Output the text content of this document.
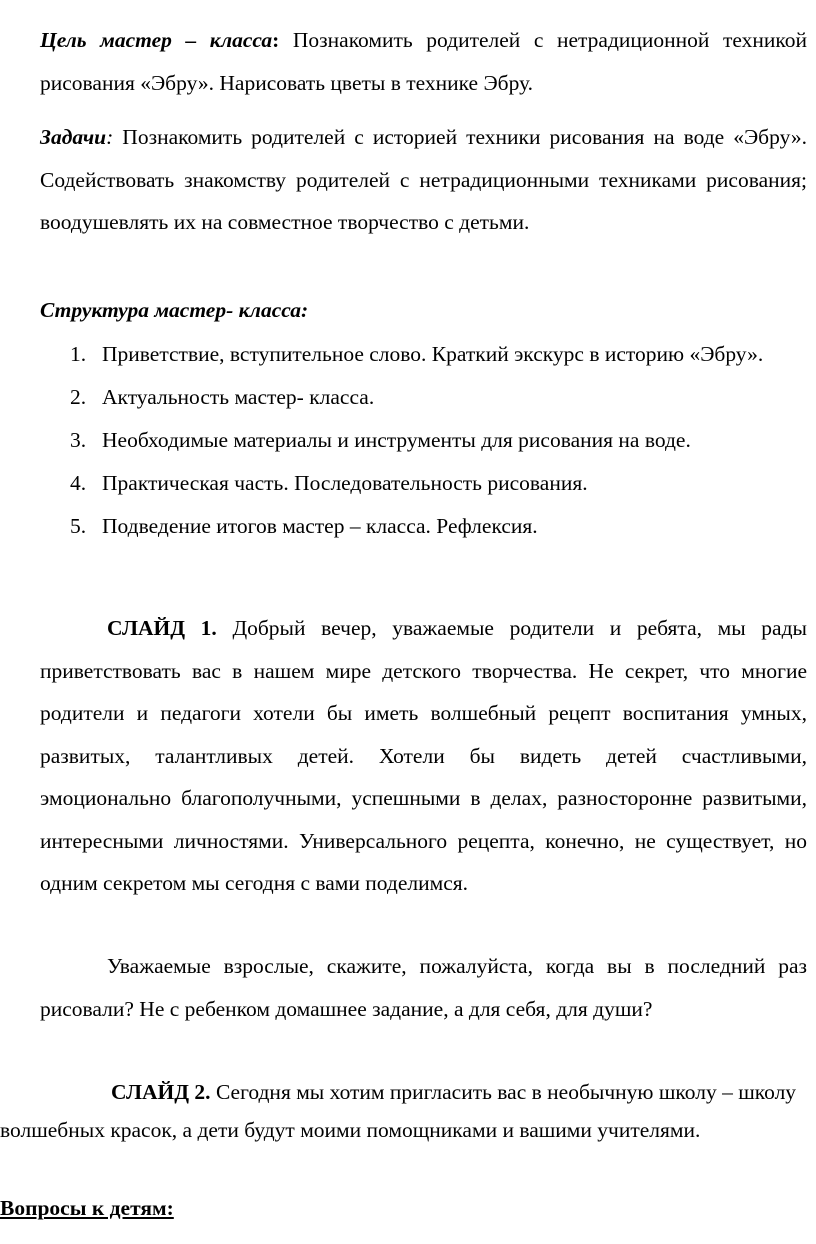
Цель мастер – класса: Познакомить родителей с нетрадиционной техникой рисования «Эбру». Нарисовать цветы в технике Эбру.

Задачи: Познакомить родителей с историей техники рисования на воде «Эбру». Содействовать знакомству родителей с нетрадиционными техниками рисования; воодушевлять их на совместное творчество с детьми.

Структура мастер- класса:

1. Приветствие, вступительное слово. Краткий экскурс в историю «Эбру».
2. Актуальность мастер- класса.
3. Необходимые материалы и инструменты для рисования на воде.
4. Практическая часть. Последовательность рисования.
5. Подведение итогов мастер – класса. Рефлексия.

СЛАЙД 1. Добрый вечер, уважаемые родители и ребята, мы рады приветствовать вас в нашем мире детского творчества. Не секрет, что многие родители и педагоги хотели бы иметь волшебный рецепт воспитания умных, развитых, талантливых детей. Хотели бы видеть детей счастливыми, эмоционально благополучными, успешными в делах, разносторонне развитыми, интересными личностями. Универсального рецепта, конечно, не существует, но одним секретом мы сегодня с вами поделимся.

Уважаемые взрослые, скажите, пожалуйста, когда вы в последний раз рисовали? Не с ребенком домашнее задание, а для себя, для души?

СЛАЙД 2. Сегодня мы хотим пригласить вас в необычную школу – школу волшебных красок, а дети будут моими помощниками и вашими учителями.

Вопросы к детям:
